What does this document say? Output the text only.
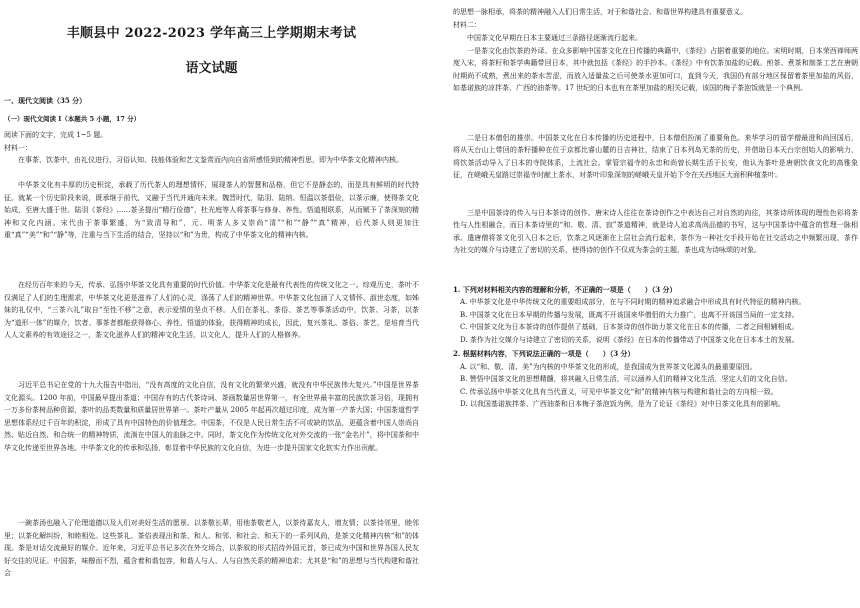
丰顺县中 2022-2023 学年高三上学期期末考试
语文试题
一、现代文阅读（35 分）
（一）现代文阅读 I（本题共 5 小题，17 分）

阅读下面的文字，完成 1~5 题。

材料一：

在事茶、饮茶中，由礼仪进行、习俗认知、技能体验和艺文鉴赏而内向自省所感悟到的精神哲思，即为中华茶文化精神内核。

中华茶文化有丰厚的历史积淀，承载了历代茶人的理想情怀，展现茶人的智慧和品格，但它不是静态的，而是具有鲜明的时代特征。就某一个历史阶段来说，既承继于前代，又融于当代并通向未来。魏晋时代，陆羽、陆纳、恒温以茶倡俭，以茶示廉，使得茶文化始成，至唐大盛于世。陆羽《茶经》……茶圣提出“精行俭德”，杜光庭等人将茶事与修身、养性、悟道相联系，从而赋予了茶深刻的精神和文化内涵。宋代由于茶事繁盛，为“致清导和”，元、明茶人多又崇尚“清”“和”“静”“真”精神，后代茶人则更加注重“真”“美”“和”“静”等，注重与当下生活的结合，坚持以“和”为贵，构成了中华茶文化的精神内核。

在经历百年来的今天，传承、弘扬中华茶文化具有重要的时代价值。中华茶文化是最有代表性的传统文化之一。综观历史，茶叶不仅满足了人们的生理需求，中华茶文化更是滋养了人们的心灵，涤荡了人们的精神世界。中华茶文化包涵了人文情怀、淑世态度，如姊妹的礼仪中，“三茶六礼”取自“至性不移”之意，表示爱情的坚贞不移。人们在茶礼、茶俗、茶艺等事茶活动中，饮茶、习茶，以茶为“道形一体”的媒介，饮者、事茶者都能获得修心、养性、悟道的体验，获得精神的成长，因此，复兴茶礼、茶俗、茶艺，是培育当代人人文素养的有效途径之一，茶文化滋养人们的精神文化生活，以文化人，提升人们的人格修养。

习近平总书记在党的十九大报告中指出，“没有高度的文化自信，没有文化的繁荣兴盛，就没有中华民族伟大复兴。”中国是世界茶文化源头。1200 年前，中国最早提出茶道；中国存有的古代茶诗词、茶画数量居世界第一，有全世界最丰富的民族饮茶习俗，现拥有一万多份茶树品种资源，茶叶的品类数量和质量居世界第一。茶叶产量从 2005 年起再次超过印度，成为第一产茶大国；中国茶道哲学思想体系经过千百年的积淀，形成了具有中国特色的价值理念。中国茶，不仅是人民日常生活不可或缺的饮品，更蕴含着中国人崇尚自然、贴近自然、和合统一的精神特质，流淌在中国人的血脉之中。同时，茶文化作为传统文化对外交流的一张“金名片”，将中国茶和中华文化传递至世界各地。中华茶文化的传承和弘扬，彰显着中华民族的文化自信，为进一步提升国家文化软实力作出贡献。

一碗茶汤也融入了伦理道德以及人们对美好生活的愿景。以茶敬长辈，用他茶敬老人，以茶待嘉友人，增友情；以茶待邻里，睦邻里；以茶化解纠纷，和睦相处。这些茶礼、茶俗表现出和茶、和人、和邻、和社会、和天下的一系列风尚，是茶文化精神内核“和”的体现。茶是对话交流最好的媒介。近年来，习近平总书记多次在外交场合，以茶叙的形式招待外国元首，茶已成为中国和世界各国人民友好交往的见证。中国茶，味醇而不烈，蕴含着和谐包容，和谐人与人、人与自然关系的精神追求；尤其是“和”的思想与当代构建和谐社会

的思想一脉相承，将茶的精神融入人们日常生活，对于和谐社会、和谐世界构建具有重要意义。

材料二：

中国茶文化早期在日本主要通过三条路径逐渐流行起来。

一是茶文化由饮茶的外译。在众多影响中国茶文化在日传播的典籍中，《茶经》占据着重要的地位。宋明时期，日本荣西禅师两度入宋，将茶籽和茶学典籍带回日本，其中就包括《茶经》的手抄本。《茶经》中有饮茶加盐的记载。煎茶、煮茶和制茶工艺在唐朝时期尚不成熟，煮出来的茶水苦涩，而放入适量盐之后可使茶水更加可口，直到今天，我国仍有部分地区保留着茶里加盐的风俗，如基诺族的凉拌茶、广西的油茶等。17 世纪的日本也有在茶里加盐的相关记载，该国的梅子茶泡饭就是一个典例。

二是日本僧侣的推崇。中国茶文化在日本传播的历史进程中，日本僧侣扮演了重要角色。来华学习的留学僧最澄和尚回国后，将从天台山上带回的茶籽播种在位于京都比睿山麓的日吉神社，结束了日本列岛无茶的历史，并借助日本天台宗创始人的影响力，将饮茶活动导入了日本的寺院体系，上流社会。掌管宗福寺的永忠和尚曾长期生活于长安，他认为茶叶是唐朝饮食文化的高雅象征，在嵯峨天皇路过崇福寺时献上茶水，对茶叶印象深刻的嵯峨天皇开始下令在关西地区大面积种植茶叶。

三是中国茶诗的传入与日本茶诗的创作。唐宋诗人往往在茶诗创作之中表达自己对自然的向往，其茶诗所体现的理性色彩将茶性与人性相融合，而日本茶诗里的“和、敬、清、寂”茶道精神，就是诗人追求高尚品德的书写，这与中国茶诗中蕴含的哲理一脉相承。遣唐僧将茶文化引入日本之后，饮茶之风逐渐在上层社会流行起来，茶作为一种社交手段开始在社交活动之中频繁出现，茶作为社交的媒介与诗建立了密切的关系，使得诗的创作不仅成为茶会的主题，茶也成为诗咏颂的对象。

1. 下列对材料相关内容的理解和分析，不正确的一项是（　　）（3 分）

A. 中华茶文化是中华传统文化的重要组成部分，在与不同时期的精神追求融合中形成具有时代特征的精神内核。

B. 中国茶文化在日本早期的传播与发展，既离不开该国来华僧侣的大力推广，也离不开该国当局的一定支持。

C. 中国茶文化为日本茶诗的创作提供了基础，日本茶诗的创作助力茶文化在日本的传播，二者之间相辅相成。

D. 茶作为社交媒介与诗建立了密切的关系，说明《茶经》在日本的传播带动了中国茶文化在日本本土的发展。

2. 根据材料内容，下列说法正确的一项是（　　）（3 分）

A. 以“和、敬、清、美”为内核的中华茶文化的形成，是我国成为世界茶文化源头的最重要原因。

B. 赞悟中国茶文化的思想精髓，将其融入日常生活，可以涵养人们的精神文化生活，坚定人们的文化自信。

C. 传承弘扬中华茶文化具有当代意义，可见中华茶文化“和”的精神内核与构建和谐社会的方向相一致。

D. 以我国基诺族拌茶、广西油茶和日本梅子茶泡饭为例，是为了论证《茶经》对中日茶文化具有的影响。
